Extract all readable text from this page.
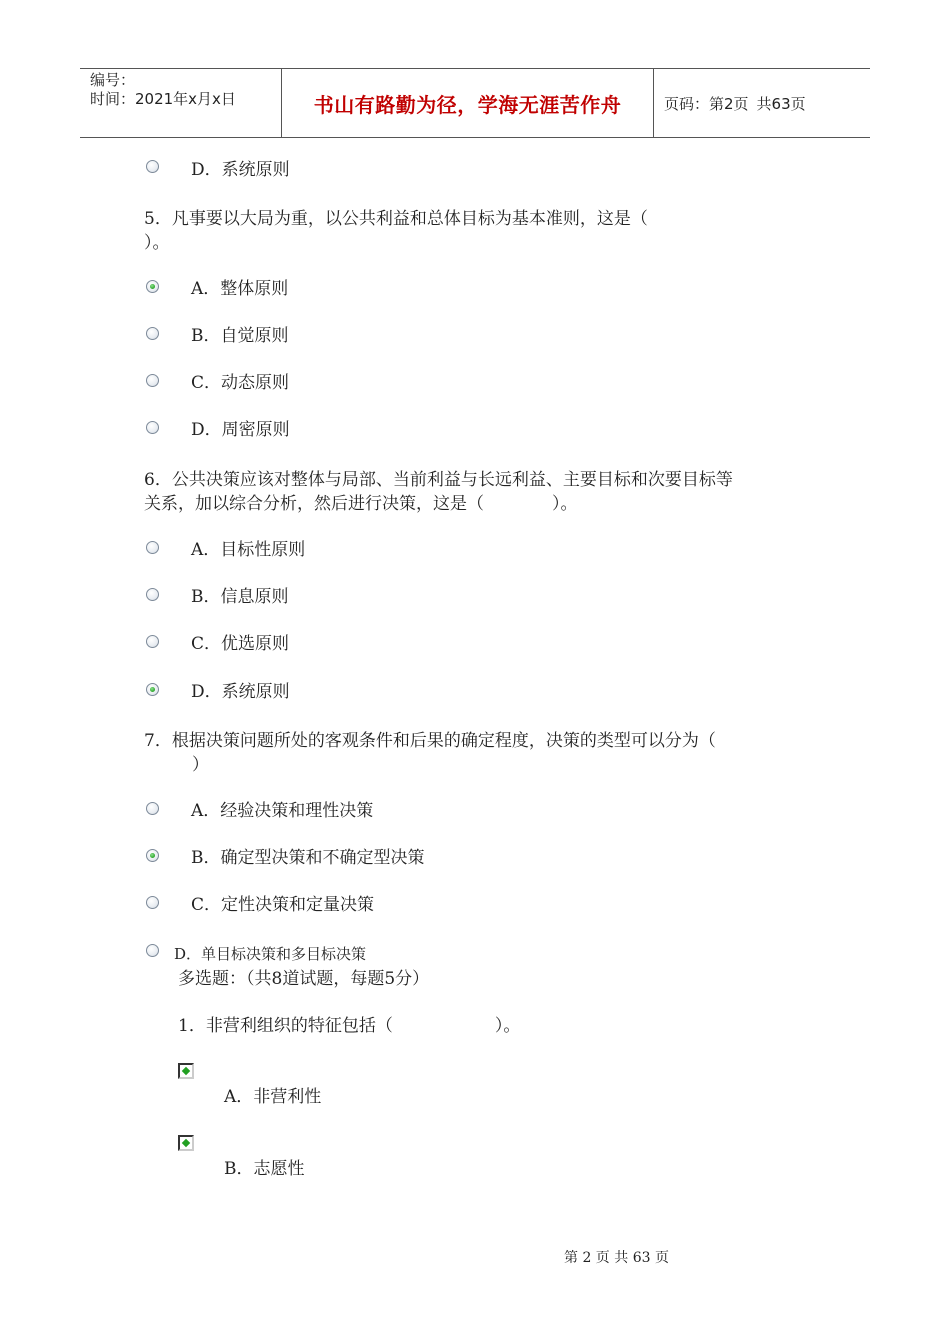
编号：
时间：2021年x月x日	书山有路勤为径，学海无涯苦作舟	页码：第2页 共63页
D．系统原则
5．凡事要以大局为重，以公共利益和总体目标为基本准则，这是（
）。
A．整体原则
B．自觉原则
C．动态原则
D．周密原则
6．公共决策应该对整体与局部、当前利益与长远利益、主要目标和次要目标等
关系，加以综合分析，然后进行决策，这是（　　　　）。
A．目标性原则
B．信息原则
C．优选原则
D．系统原则
7．根据决策问题所处的客观条件和后果的确定程度，决策的类型可以分为（
）
A．经验决策和理性决策
B．确定型决策和不确定型决策
C．定性决策和定量决策
D．单目标决策和多目标决策
多选题：（共8道试题，每题5分）
1．非营利组织的特征包括（　　　　　　）。
A．非营利性
B．志愿性
第 2 页 共 63 页
